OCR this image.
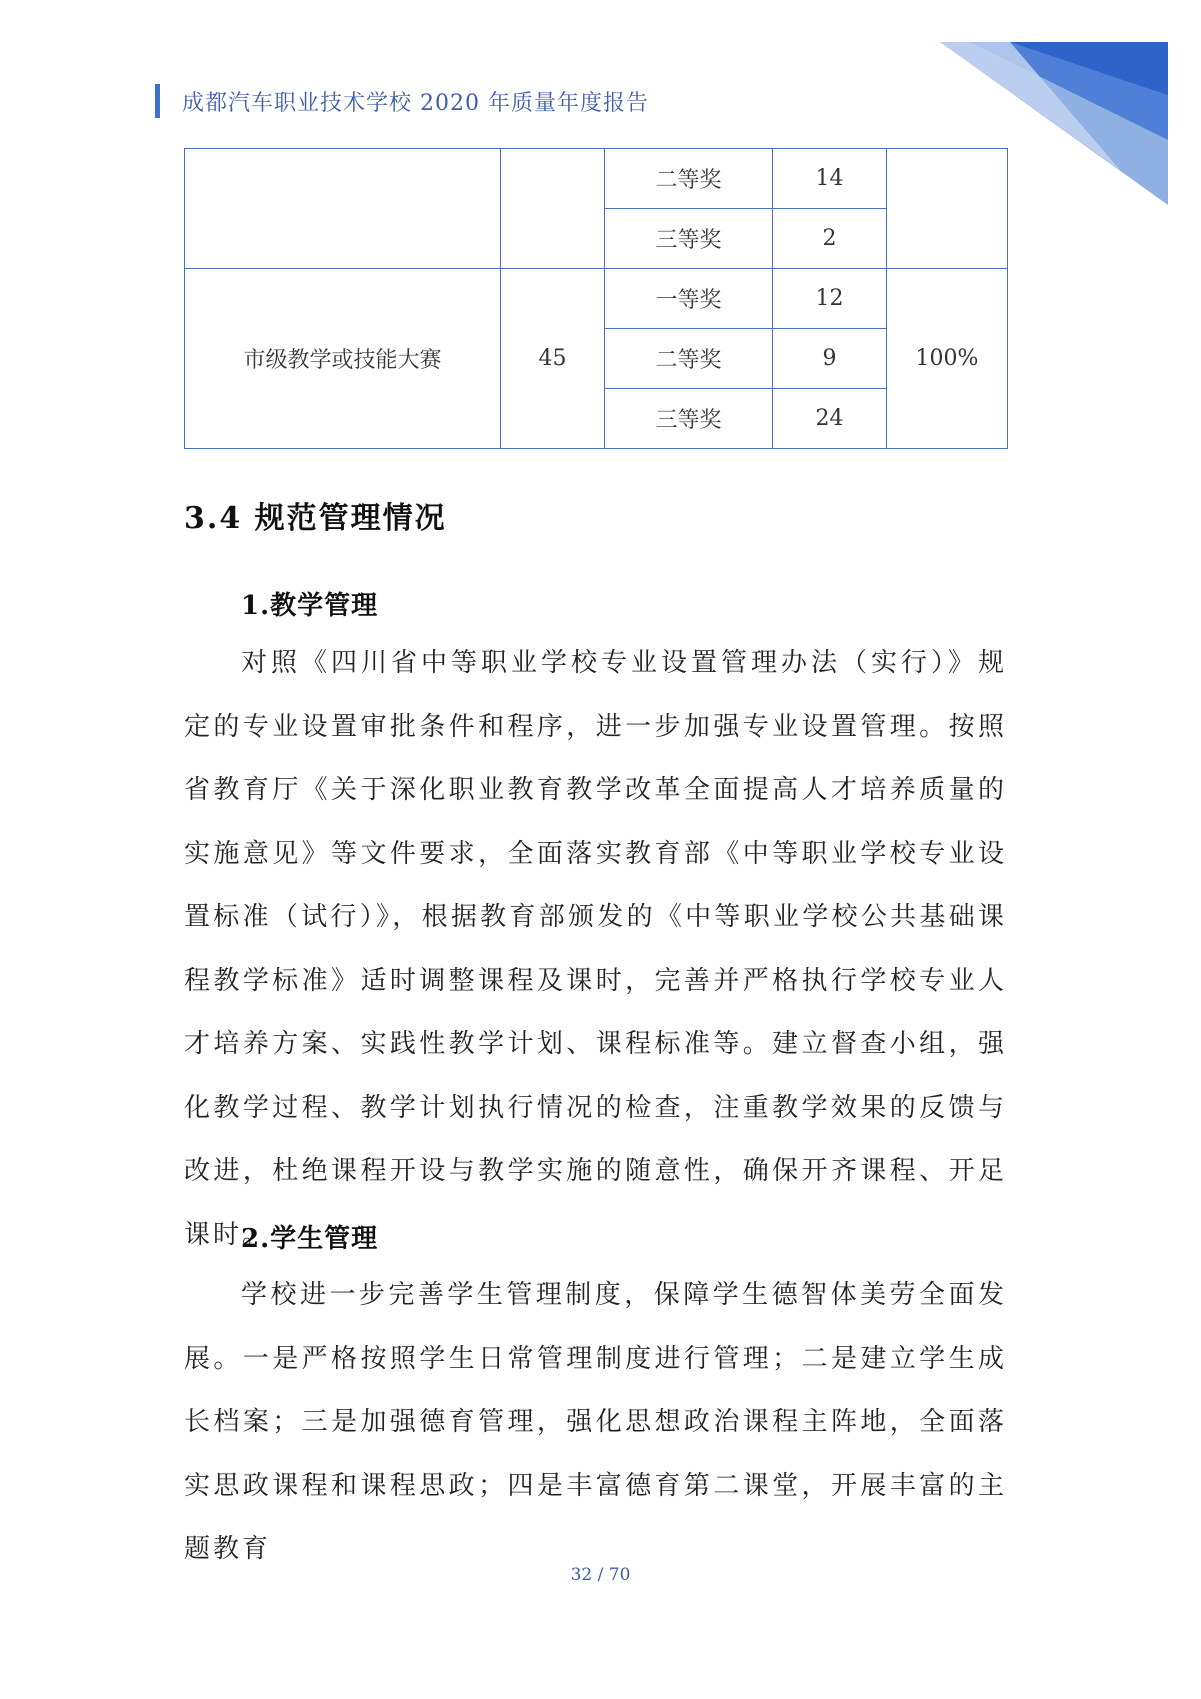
成都汽车职业技术学校 2020 年质量年度报告
		二等奖	14	
		三等奖	2	
市级教学或技能大赛	45	一等奖	12	100%
		二等奖	9	
		三等奖	24	
3.4 规范管理情况
1.教学管理

对照《四川省中等职业学校专业设置管理办法（实行）》规定的专业设置审批条件和程序，进一步加强专业设置管理。按照省教育厅《关于深化职业教育教学改革全面提高人才培养质量的实施意见》等文件要求，全面落实教育部《中等职业学校专业设置标准（试行）》，根据教育部颁发的《中等职业学校公共基础课程教学标准》适时调整课程及课时，完善并严格执行学校专业人才培养方案、实践性教学计划、课程标准等。建立督查小组，强化教学过程、教学计划执行情况的检查，注重教学效果的反馈与改进，杜绝课程开设与教学实施的随意性，确保开齐课程、开足课时。

2.学生管理

学校进一步完善学生管理制度，保障学生德智体美劳全面发展。一是严格按照学生日常管理制度进行管理；二是建立学生成长档案；三是加强德育管理，强化思想政治课程主阵地，全面落实思政课程和课程思政；四是丰富德育第二课堂，开展丰富的主题教育

32 / 70
